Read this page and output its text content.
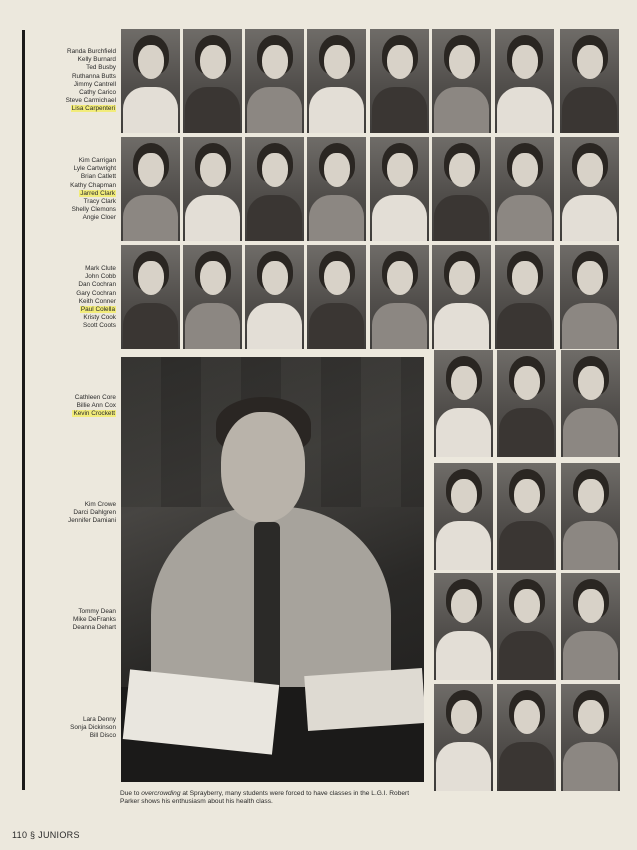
Randa Burchfield
Kelly Burnard
Ted Busby
Ruthanna Butts
Jimmy Cantrell
Cathy Carico
Steve Carmichael
Lisa Carpenteri
Kim Carrigan
Lyle Cartwright
Brian Catlett
Kathy Chapman
Jarred Clark
Tracy Clark
Shelly Clemons
Angie Cloer
Mark Clute
John Cobb
Dan Cochran
Gary Cochran
Keith Conner
Paul Colella
Kristy Cook
Scott Coots
Cathleen Core
Billie Ann Cox
Kevin Crockett
Kim Crowe
Darci Dahlgren
Jennifer Damiani
Tommy Dean
Mike DeFranks
Deanna Dehart
Lara Denny
Sonja Dickinson
Bill Disco
Due to overcrowding at Sprayberry, many students were forced to have classes in the L.G.I. Robert Parker shows his enthusiasm about his health class.
110 § JUNIORS
